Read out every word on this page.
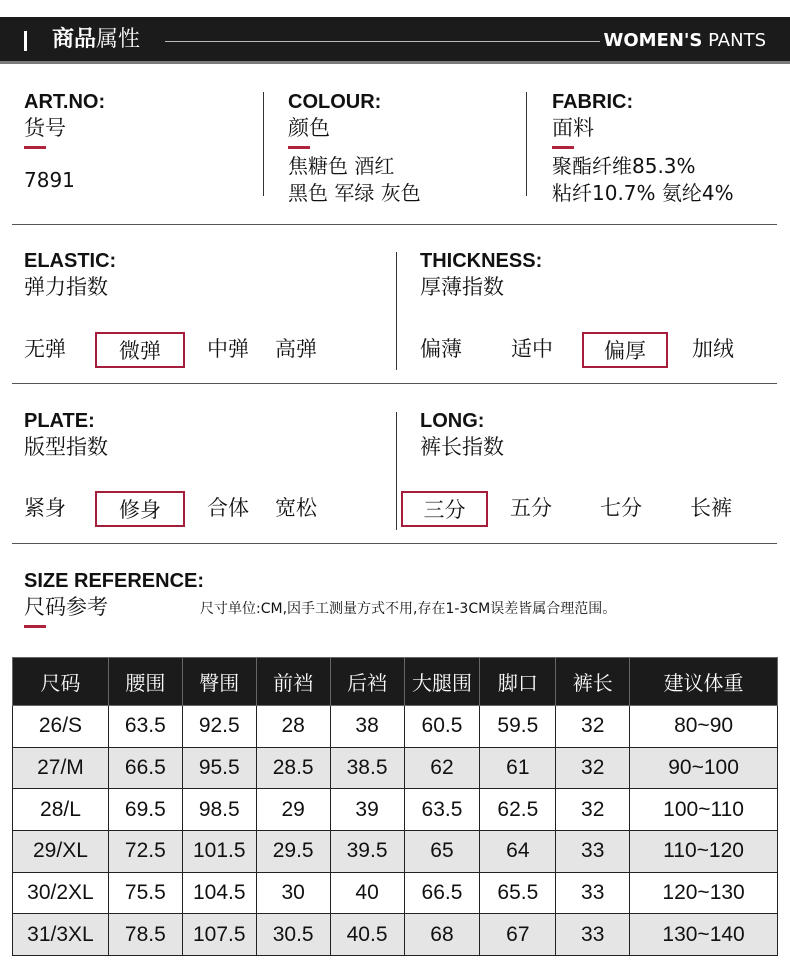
商品属性	WOMEN'S PANTS
ART.NO:
货号
7891
COLOUR:
颜色
焦糖色 酒红
黑色 军绿 灰色
FABRIC:
面料
聚酯纤维85.3%
粘纤10.7% 氨纶4%
ELASTIC:
弹力指数
无弹	微弹	中弹	高弹
THICKNESS:
厚薄指数
偏薄	适中	偏厚	加绒
PLATE:
版型指数
紧身	修身	合体	宽松
LONG:
裤长指数
三分	五分	七分	长裤
SIZE REFERENCE:
尺码参考	尺寸单位:CM,因手工测量方式不用,存在1-3CM误差皆属合理范围。
尺码	腰围	臀围	前裆	后裆	大腿围	脚口	裤长	建议体重
26/S	63.5	92.5	28	38	60.5	59.5	32	80~90
27/M	66.5	95.5	28.5	38.5	62	61	32	90~100
28/L	69.5	98.5	29	39	63.5	62.5	32	100~110
29/XL	72.5	101.5	29.5	39.5	65	64	33	110~120
30/2XL	75.5	104.5	30	40	66.5	65.5	33	120~130
31/3XL	78.5	107.5	30.5	40.5	68	67	33	130~140
